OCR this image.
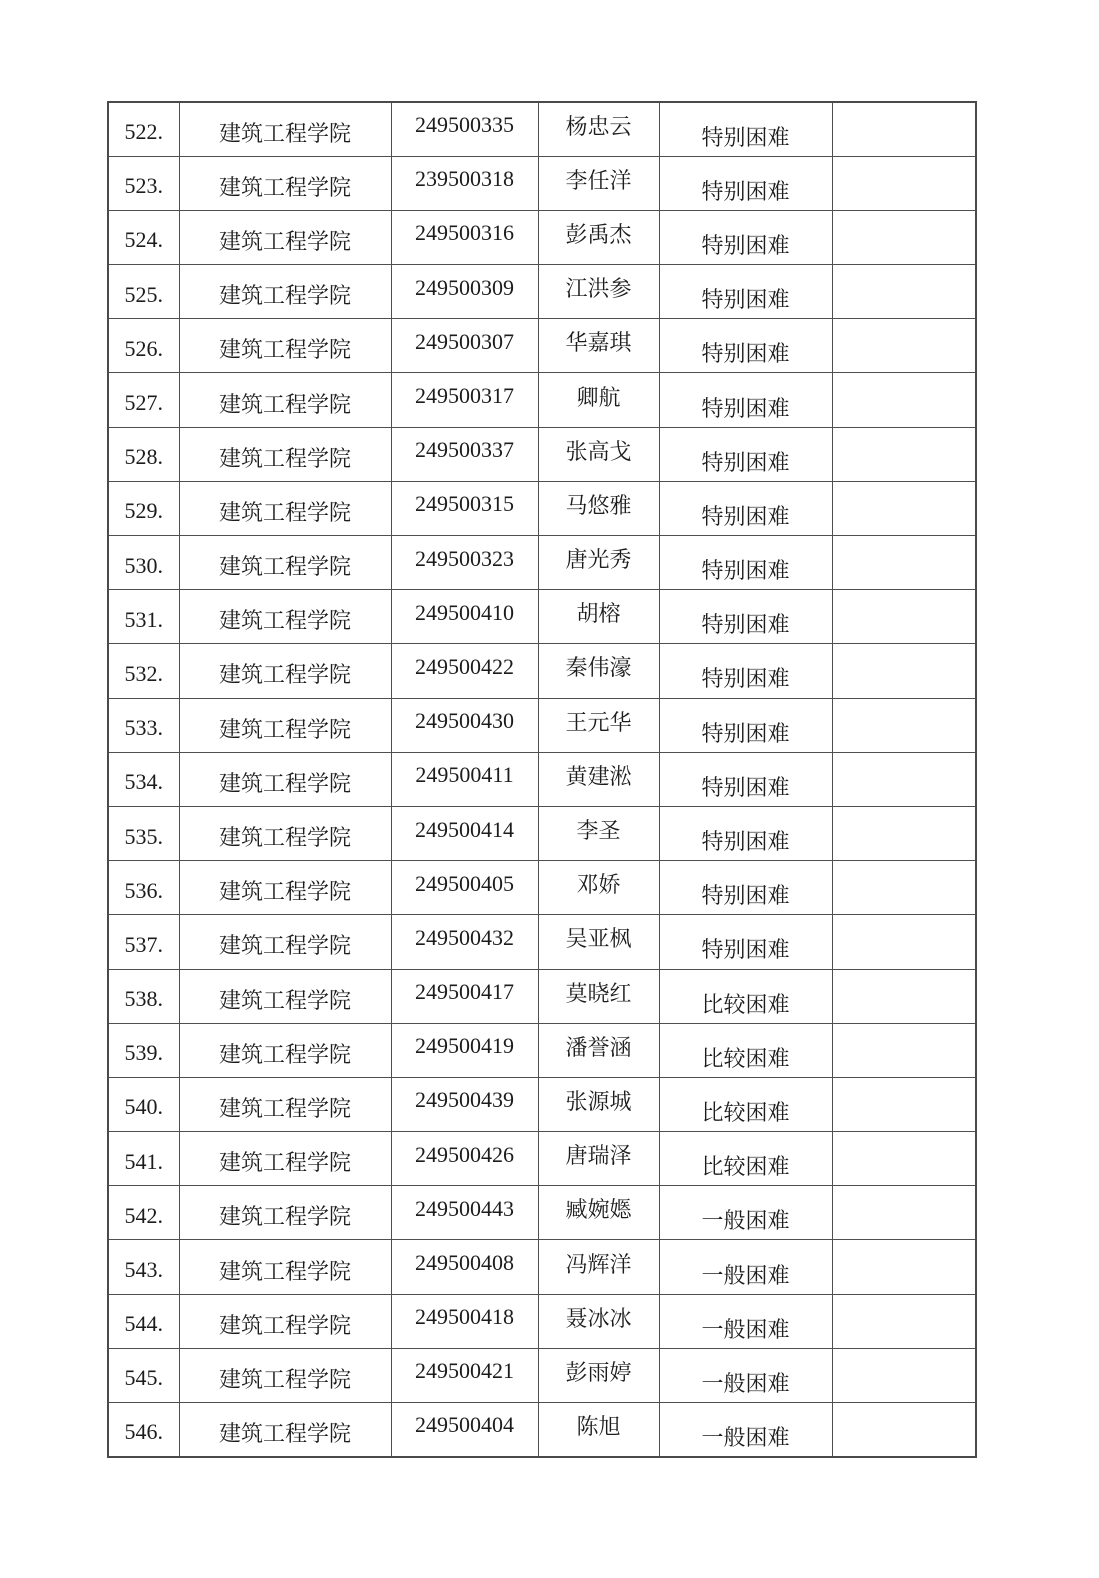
522.	建筑工程学院	249500335	杨忠云	特别困难	
523.	建筑工程学院	239500318	李任洋	特别困难	
524.	建筑工程学院	249500316	彭禹杰	特别困难	
525.	建筑工程学院	249500309	江洪参	特别困难	
526.	建筑工程学院	249500307	华嘉琪	特别困难	
527.	建筑工程学院	249500317	卿航	特别困难	
528.	建筑工程学院	249500337	张高戈	特别困难	
529.	建筑工程学院	249500315	马悠雅	特别困难	
530.	建筑工程学院	249500323	唐光秀	特别困难	
531.	建筑工程学院	249500410	胡榕	特别困难	
532.	建筑工程学院	249500422	秦伟濠	特别困难	
533.	建筑工程学院	249500430	王元华	特别困难	
534.	建筑工程学院	249500411	黄建淞	特别困难	
535.	建筑工程学院	249500414	李圣	特别困难	
536.	建筑工程学院	249500405	邓娇	特别困难	
537.	建筑工程学院	249500432	吴亚枫	特别困难	
538.	建筑工程学院	249500417	莫晓红	比较困难	
539.	建筑工程学院	249500419	潘誉涵	比较困难	
540.	建筑工程学院	249500439	张源城	比较困难	
541.	建筑工程学院	249500426	唐瑞泽	比较困难	
542.	建筑工程学院	249500443	臧婉嫕	一般困难	
543.	建筑工程学院	249500408	冯辉洋	一般困难	
544.	建筑工程学院	249500418	聂冰冰	一般困难	
545.	建筑工程学院	249500421	彭雨婷	一般困难	
546.	建筑工程学院	249500404	陈旭	一般困难	
